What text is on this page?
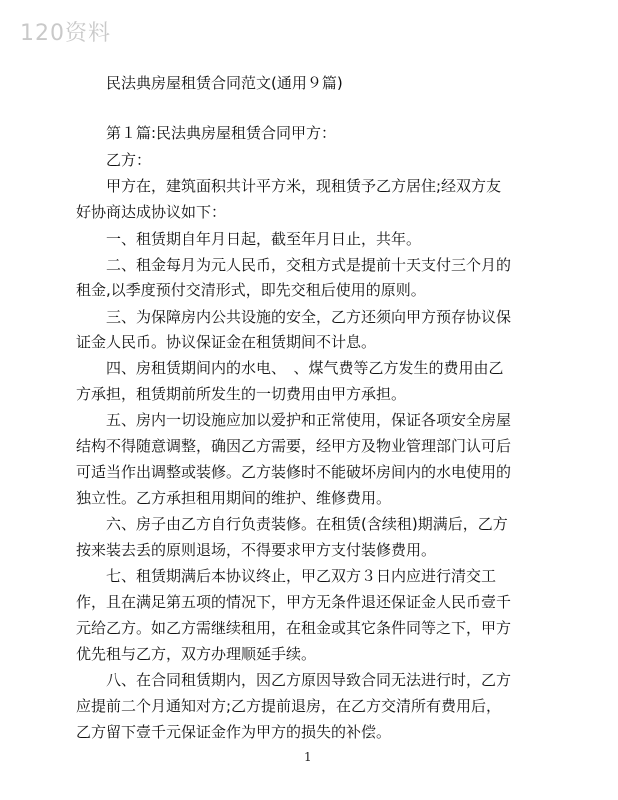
120资料
民法典房屋租赁合同范文(通用９篇)
第１篇:民法典房屋租赁合同甲方：
乙方：
甲方在，建筑面积共计平方米，现租赁予乙方居住;经双方友
好协商达成协议如下：
一、租赁期自年月日起，截至年月日止，共年。
二、租金每月为元人民币，交租方式是提前十天支付三个月的
租金,以季度预付交清形式，即先交租后使用的原则。
三、为保障房内公共设施的安全，乙方还须向甲方预存协议保
证金人民币。协议保证金在租赁期间不计息。
四、房租赁期间内的水电、　、煤气费等乙方发生的费用由乙
方承担，租赁期前所发生的一切费用由甲方承担。
五、房内一切设施应加以爱护和正常使用，保证各项安全房屋
结构不得随意调整，确因乙方需要，经甲方及物业管理部门认可后
可适当作出调整或装修。乙方装修时不能破坏房间内的水电使用的
独立性。乙方承担租用期间的维护、维修费用。
六、房子由乙方自行负责装修。在租赁(含续租)期满后，乙方
按来装去丢的原则退场，不得要求甲方支付装修费用。
七、租赁期满后本协议终止，甲乙双方３日内应进行清交工
作，且在满足第五项的情况下，甲方无条件退还保证金人民币壹千
元给乙方。如乙方需继续租用，在租金或其它条件同等之下，甲方
优先租与乙方，双方办理顺延手续。
八、在合同租赁期内，因乙方原因导致合同无法进行时，乙方
应提前二个月通知对方;乙方提前退房，在乙方交清所有费用后，
乙方留下壹千元保证金作为甲方的损失的补偿。
1
